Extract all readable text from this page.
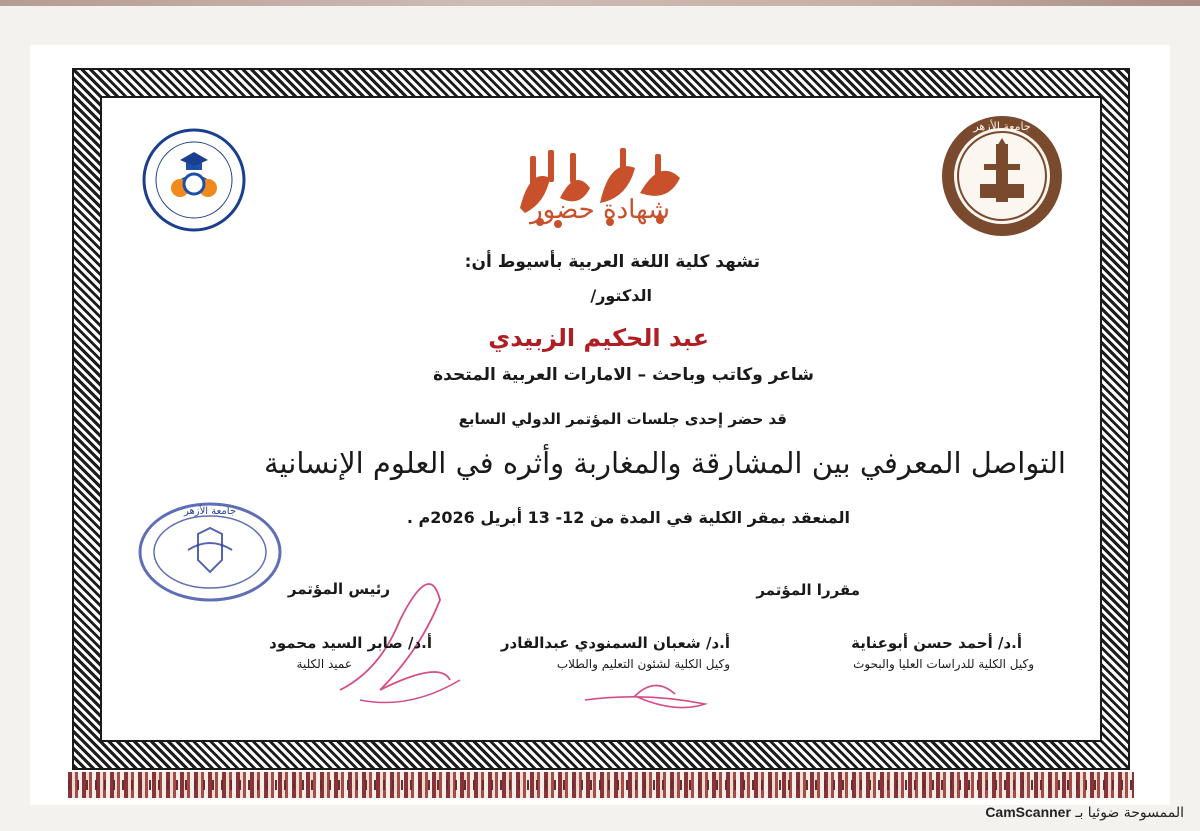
شهادة حضور
جامعة الأزهر
جامعة الأزهر
تشهد كلية اللغة العربية بأسيوط أن:
الدكتور/
عبد الحكيم الزبيدي
شاعر وكاتب وباحث – الامارات العربية المتحدة
قد حضر إحدى جلسات المؤتمر الدولي السابع
التواصل المعرفي بين المشارقة والمغاربة وأثره في العلوم الإنسانية
المنعقد بمقر الكلية في المدة من 12- 13 أبريل 2026م .
رئيس المؤتمر	مقررا المؤتمر
أ.د/ صابر السيد محمود
عميد الكلية
أ.د/ شعبان السمنودي عبدالقادر
وكيل الكلية لشئون التعليم والطلاب
أ.د/ أحمد حسن أبوعناية
وكيل الكلية للدراسات العليا والبحوث
الممسوحة ضوئيا بـ CamScanner
